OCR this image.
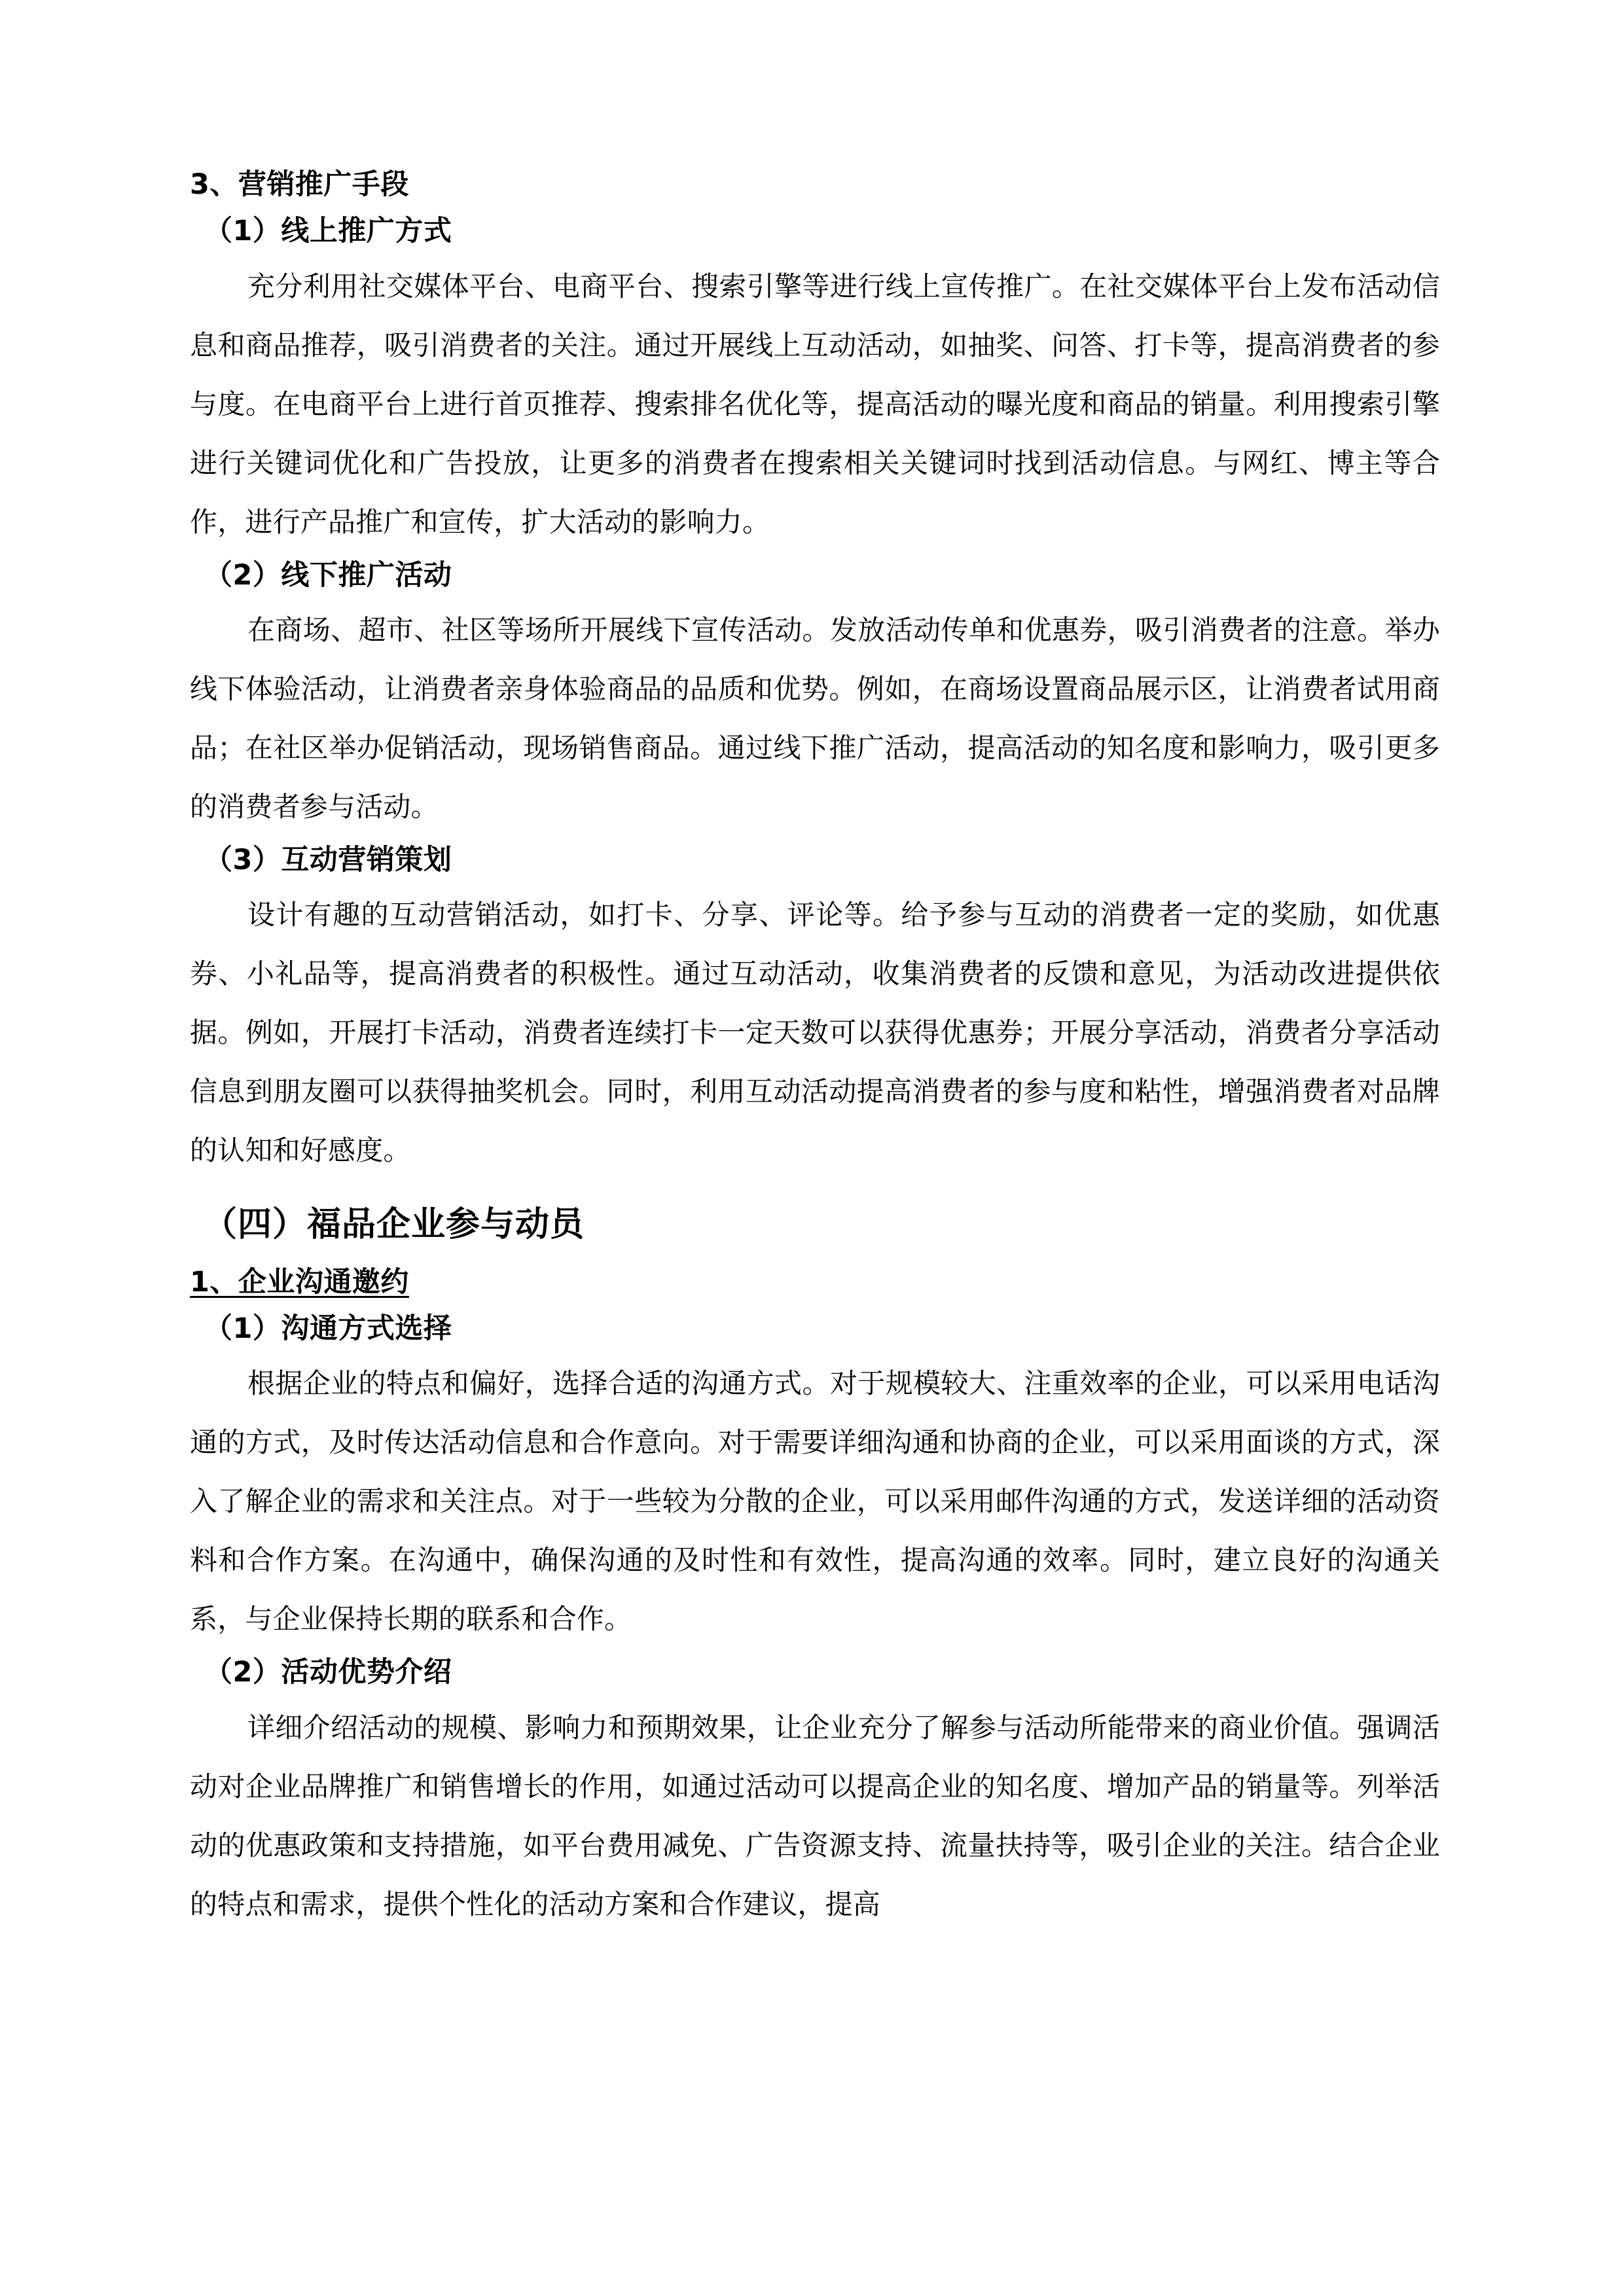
3、营销推广手段
（1）线上推广方式

充分利用社交媒体平台、电商平台、搜索引擎等进行线上宣传推广。在社交媒体平台上发布活动信息和商品推荐，吸引消费者的关注。通过开展线上互动活动，如抽奖、问答、打卡等，提高消费者的参与度。在电商平台上进行首页推荐、搜索排名优化等，提高活动的曝光度和商品的销量。利用搜索引擎进行关键词优化和广告投放，让更多的消费者在搜索相关关键词时找到活动信息。与网红、博主等合作，进行产品推广和宣传，扩大活动的影响力。

（2）线下推广活动

在商场、超市、社区等场所开展线下宣传活动。发放活动传单和优惠券，吸引消费者的注意。举办线下体验活动，让消费者亲身体验商品的品质和优势。例如，在商场设置商品展示区，让消费者试用商品；在社区举办促销活动，现场销售商品。通过线下推广活动，提高活动的知名度和影响力，吸引更多的消费者参与活动。

（3）互动营销策划

设计有趣的互动营销活动，如打卡、分享、评论等。给予参与互动的消费者一定的奖励，如优惠券、小礼品等，提高消费者的积极性。通过互动活动，收集消费者的反馈和意见，为活动改进提供依据。例如，开展打卡活动，消费者连续打卡一定天数可以获得优惠券；开展分享活动，消费者分享活动信息到朋友圈可以获得抽奖机会。同时，利用互动活动提高消费者的参与度和粘性，增强消费者对品牌的认知和好感度。

（四）福品企业参与动员
1、企业沟通邀约
（1）沟通方式选择

根据企业的特点和偏好，选择合适的沟通方式。对于规模较大、注重效率的企业，可以采用电话沟通的方式，及时传达活动信息和合作意向。对于需要详细沟通和协商的企业，可以采用面谈的方式，深入了解企业的需求和关注点。对于一些较为分散的企业，可以采用邮件沟通的方式，发送详细的活动资料和合作方案。在沟通中，确保沟通的及时性和有效性，提高沟通的效率。同时，建立良好的沟通关系，与企业保持长期的联系和合作。

（2）活动优势介绍

详细介绍活动的规模、影响力和预期效果，让企业充分了解参与活动所能带来的商业价值。强调活动对企业品牌推广和销售增长的作用，如通过活动可以提高企业的知名度、增加产品的销量等。列举活动的优惠政策和支持措施，如平台费用减免、广告资源支持、流量扶持等，吸引企业的关注。结合企业的特点和需求，提供个性化的活动方案和合作建议，提高
